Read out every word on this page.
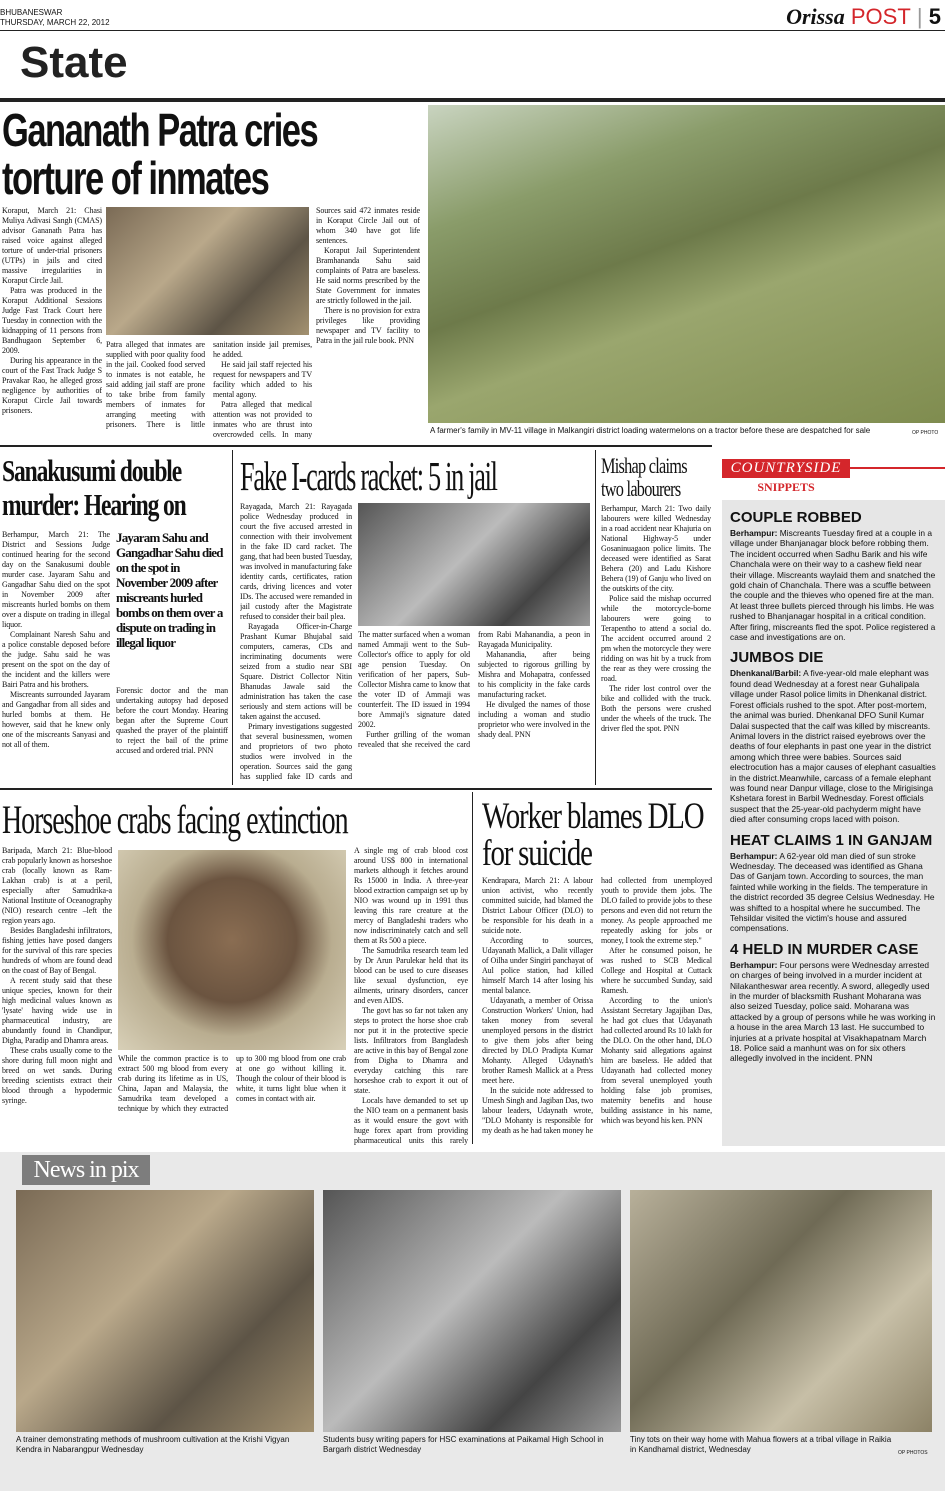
BHUBANESWAR
THURSDAY, MARCH 22, 2012	Orissa POST | 5
State
Gananath Patra cries torture of inmates

Koraput, March 21: Chasi Muliya Adivasi Sangh (CMAS) advisor Gananath Patra has raised voice against alleged torture of under-trial prisoners (UTPs) in jails and cited massive irregularities in Koraput Circle Jail.

Patra was produced in the Koraput Additional Sessions Judge Fast Track Court here Tuesday in connection with the kidnapping of 11 persons from Bandhugaon September 6, 2009.

During his appearance in the court of the Fast Track Judge S Pravakar Rao, he alleged gross negligence by authorities of Koraput Circle Jail towards prisoners.

Patra alleged that inmates are supplied with poor quality food in the jail. Cooked food served to inmates is not eatable, he said adding jail staff are prone to take bribe from family members of inmates for arranging meeting with prisoners. There is little sanitation inside jail premises, he added.

He said jail staff rejected his request for newspapers and TV facility which added to his mental agony.

Patra alleged that medical attention was not provided to inmates who are thrust into overcrowded cells. In many

Sources said 472 inmates reside in Koraput Circle Jail out of whom 340 have got life sentences.

Koraput Jail Superintendent Bramhananda Sahu said complaints of Patra are baseless. He said norms prescribed by the State Government for inmates are strictly followed in the jail.

There is no provision for extra privileges like providing newspaper and TV facility to Patra in the jail rule book. PNN

A farmer's family in MV-11 village in Malkangiri district loading watermelons on a tractor before these are despatched for sale	OP PHOTO
Sanakusumi double murder: Hearing on
Jayaram Sahu and Gangadhar Sahu died on the spot in November 2009 after miscreants hurled bombs on them over a dispute on trading in illegal liquor

Berhampur, March 21: The District and Sessions Judge continued hearing for the second day on the Sanakusumi double murder case. Jayaram Sahu and Gangadhar Sahu died on the spot in November 2009 after miscreants hurled bombs on them over a dispute on trading in illegal liquor.

Complainant Naresh Sahu and a police constable deposed before the judge. Sahu said he was present on the spot on the day of the incident and the killers were Bairi Patra and his brothers.

Miscreants surrounded Jayaram and Gangadhar from all sides and hurled bombs at them. He however, said that he knew only one of the miscreants Sanyasi and not all of them.

Forensic doctor and the man undertaking autopsy had deposed before the court Monday. Hearing began after the Supreme Court quashed the prayer of the plaintiff to reject the bail of the prime accused and ordered trial. PNN

Fake I-cards racket: 5 in jail

Rayagada, March 21: Rayagada police Wednesday produced in court the five accused arrested in connection with their involvement in the fake ID card racket. The gang, that had been busted Tuesday, was involved in manufacturing fake identity cards, certificates, ration cards, driving licences and voter IDs. The accused were remanded in jail custody after the Magistrate refused to consider their bail plea.

Rayagada Officer-in-Charge Prashant Kumar Bhujabal said computers, cameras, CDs and incriminating documents were seized from a studio near SBI Square. District Collector Nitin Bhanudas Jawale said the administration has taken the case seriously and stern actions will be taken against the accused.

Primary investigations suggested that several businessmen, women and proprietors of two photo studios were involved in the operation. Sources said the gang has supplied fake ID cards and

The matter surfaced when a woman named Ammaji went to the Sub-Collector's office to apply for old age pension Tuesday. On verification of her papers, Sub-Collector Mishra came to know that the voter ID of Ammaji was counterfeit. The ID issued in 1994 bore Ammaji's signature dated 2002.

Further grilling of the woman revealed that she received the card from Rabi Mahanandia, a peon in Rayagada Municipality.

Mahanandia, after being subjected to rigorous grilling by Mishra and Mohapatra, confessed to his complicity in the fake cards manufacturing racket.

He divulged the names of those including a woman and studio proprietor who were involved in the shady deal. PNN

Mishap claims two labourers

Berhampur, March 21: Two daily labourers were killed Wednesday in a road accident near Khajuria on National Highway-5 under Gosaninuagaon police limits. The deceased were identified as Sarat Behera (20) and Ladu Kishore Behera (19) of Ganju who lived on the outskirts of the city.

Police said the mishap occurred while the motorcycle-borne labourers were going to Terapentho to attend a social do. The accident occurred around 2 pm when the motorcycle they were ridding on was hit by a truck from the rear as they were crossing the road.

The rider lost control over the bike and collided with the truck. Both the persons were crushed under the wheels of the truck. The driver fled the spot. PNN

COUNTRYSIDE
SNIPPETS
COUPLE ROBBED

Berhampur: Miscreants Tuesday fired at a couple in a village under Bhanjanagar block before robbing them. The incident occurred when Sadhu Barik and his wife Chanchala were on their way to a cashew field near their village. Miscreants waylaid them and snatched the gold chain of Chanchala. There was a scuffle between the couple and the thieves who opened fire at the man. At least three bullets pierced through his limbs. He was rushed to Bhanjanagar hospital in a critical condition. After firing, miscreants fled the spot. Police registered a case and investigations are on.

JUMBOS DIE

Dhenkanal/Barbil: A five-year-old male elephant was found dead Wednesday at a forest near Guhalipala village under Rasol police limits in Dhenkanal district. Forest officials rushed to the spot. After post-mortem, the animal was buried. Dhenkanal DFO Sunil Kumar Dalai suspected that the calf was killed by miscreants. Animal lovers in the district raised eyebrows over the deaths of four elephants in past one year in the district among which three were babies. Sources said electrocution has a major causes of elephant casualties in the district.Meanwhile, carcass of a female elephant was found near Danpur village, close to the Mirigisinga Kshetara forest in Barbil Wednesday. Forest officials suspect that the 25-year-old pachyderm might have died after consuming crops laced with poison.

HEAT CLAIMS 1 IN GANJAM

Berhampur: A 62-year old man died of sun stroke Wednesday. The deceased was identified as Ghana Das of Ganjam town. According to sources, the man fainted while working in the fields. The temperature in the district recorded 35 degree Celsius Wednesday. He was shifted to a hospital where he succumbed. The Tehsildar visited the victim's house and assured compensations.

4 HELD IN MURDER CASE

Berhampur: Four persons were Wednesday arrested on charges of being involved in a murder incident at Nilakantheswar area recently. A sword, allegedly used in the murder of blacksmith Rushant Moharana was also seized Tuesday, police said. Moharana was attacked by a group of persons while he was working in a house in the area March 13 last. He succumbed to injuries at a private hospital at Visakhapatnam March 18. Police said a manhunt was on for six others allegedly involved in the incident. PNN

Horseshoe crabs facing extinction

Baripada, March 21: Blue-blood crab popularly known as horseshoe crab (locally known as Ram-Lakhan crab) is at a peril, especially after Samudrika-a National Institute of Oceanography (NIO) research centre –left the region years ago.

Besides Bangladeshi infiltrators, fishing jetties have posed dangers for the survival of this rare species hundreds of whom are found dead on the coast of Bay of Bengal.

A recent study said that these unique species, known for their high medicinal values known as 'lysate' having wide use in pharmaceutical industry, are abundantly found in Chandipur, Digha, Paradip and Dhamra areas.

These crabs usually come to the shore during full moon night and breed on wet sands. During breeding scientists extract their blood through a hypodermic syringe.

While the common practice is to extract 500 mg blood from every crab during its lifetime as in US, China, Japan and Malaysia, the Samudrika team developed a technique by which they extracted up to 300 mg blood from one crab at one go without killing it. Though the colour of their blood is white, it turns light blue when it comes in contact with air.

A single mg of crab blood cost around US$ 800 in international markets although it fetches around Rs 15000 in India. A three-year blood extraction campaign set up by NIO was wound up in 1991 thus leaving this rare creature at the mercy of Bangladeshi traders who now indiscriminately catch and sell them at Rs 500 a piece.

The Samudrika research team led by Dr Arun Parulekar held that its blood can be used to cure diseases like sexual dysfunction, eye ailments, urinary disorders, cancer and even AIDS.

The govt has so far not taken any steps to protect the horse shoe crab nor put it in the protective specie lists. Infiltrators from Bangladesh are active in this bay of Bengal zone from Digha to Dhamra and everyday catching this rare horseshoe crab to export it out of state.

Locals have demanded to set up the NIO team on a permanent basis as it would ensure the govt with huge forex apart from providing pharmaceutical units this rarely

Worker blames DLO for suicide

Kendrapara, March 21: A labour union activist, who recently committed suicide, had blamed the District Labour Officer (DLO) to be responsible for his death in a suicide note.

According to sources, Udayanath Mallick, a Dalit villager of Oilha under Singiri panchayat of Aul police station, had killed himself March 14 after losing his mental balance.

Udayanath, a member of Orissa Construction Workers' Union, had taken money from several unemployed persons in the district to give them jobs after being directed by DLO Pradipta Kumar Mohanty. Alleged Udaynath's brother Ramesh Mallick at a Press meet here.

In the suicide note addressed to Umesh Singh and Jagiban Das, two labour leaders, Udaynath wrote, "DLO Mohanty is responsible for my death as he had taken money he had collected from unemployed youth to provide them jobs. The DLO failed to provide jobs to these persons and even did not return the money. As people approached me repeatedly asking for jobs or money, I took the extreme step."

After he consumed poison, he was rushed to SCB Medical College and Hospital at Cuttack where he succumbed Sunday, said Ramesh.

According to the union's Assistant Secretary Jagajiban Das, he had got clues that Udayanath had collected around Rs 10 lakh for the DLO. On the other hand, DLO Mohanty said allegations against him are baseless. He added that Udayanath had collected money from several unemployed youth holding false job promises, maternity benefits and house building assistance in his name, which was beyond his ken. PNN

News in pix
A trainer demonstrating methods of mushroom cultivation at the Krishi Vigyan Kendra in Nabarangpur Wednesday
Students busy writing papers for HSC examinations at Paikamal High School in Bargarh district Wednesday
Tiny tots on their way home with Mahua flowers at a tribal village in Raikia in Kandhamal district, Wednesday	OP PHOTOS
